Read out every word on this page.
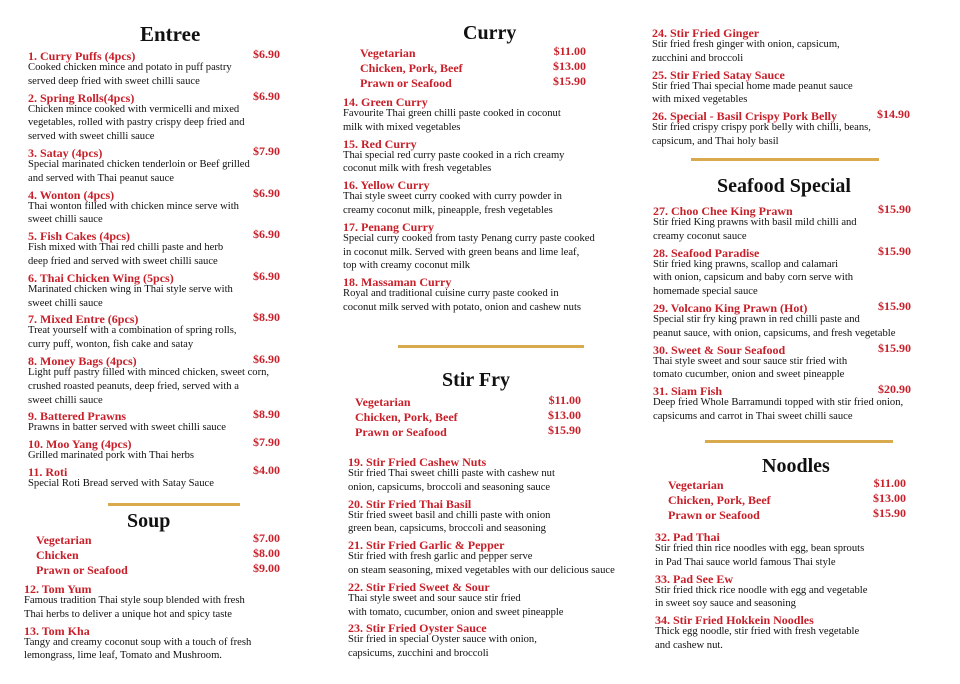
Entree
1. Curry Puffs (4pcs)	$6.90
Cooked chicken mince and potato in puff pastry
served deep fried with sweet chilli sauce
2. Spring Rolls(4pcs)	$6.90
Chicken mince cooked with vermicelli and mixed
vegetables, rolled with pastry crispy deep fried and
served with sweet chilli sauce
3. Satay (4pcs)	$7.90
Special marinated chicken tenderloin or Beef grilled
and served with Thai peanut sauce
4. Wonton (4pcs)	$6.90
Thai wonton filled with chicken mince serve with
sweet chilli sauce
5. Fish Cakes (4pcs)	$6.90
Fish mixed with Thai red chilli paste and herb
deep fried and served with sweet chilli sauce
6. Thai Chicken Wing (5pcs)	$6.90
Marinated chicken wing in Thai style serve with
sweet chilli sauce
7. Mixed Entre (6pcs)	$8.90
Treat yourself with a combination of spring rolls,
curry puff, wonton, fish cake and satay
8. Money Bags (4pcs)	$6.90
Light puff pastry filled with minced chicken, sweet corn,
crushed roasted peanuts, deep fried, served with a
sweet chilli sauce
9. Battered Prawns	$8.90
Prawns in batter served with sweet chilli sauce
10. Moo Yang (4pcs)	$7.90
Grilled marinated pork with Thai herbs
11. Roti	$4.00
Special Roti Bread served with Satay Sauce
Soup
Vegetarian	$7.00
Chicken	$8.00
Prawn or Seafood	$9.00
12. Tom Yum
Famous tradition Thai style soup blended with fresh
Thai herbs to deliver a unique hot and spicy taste
13. Tom Kha
Tangy and creamy coconut soup with a touch of fresh
lemongrass, lime leaf, Tomato and Mushroom.
Curry
Vegetarian	$11.00
Chicken, Pork, Beef	$13.00
Prawn or Seafood	$15.90
14. Green Curry
Favourite Thai green chilli paste cooked in coconut
milk with mixed vegetables
15. Red Curry
Thai special red curry paste cooked in a rich creamy
coconut milk with fresh vegetables
16. Yellow Curry
Thai style sweet curry cooked with curry powder in
creamy coconut milk, pineapple, fresh vegetables
17. Penang Curry
Special curry cooked from tasty Penang curry paste cooked
in coconut milk. Served with green beans and lime leaf,
top with creamy coconut milk
18. Massaman Curry
Royal and traditional cuisine curry paste cooked in
coconut milk served with potato, onion and cashew nuts
Stir Fry
Vegetarian	$11.00
Chicken, Pork, Beef	$13.00
Prawn or Seafood	$15.90
19. Stir Fried Cashew Nuts
Stir fried Thai sweet chilli paste with cashew nut
onion, capsicums, broccoli and seasoning sauce
20. Stir Fried Thai Basil
Stir fried sweet basil and chilli paste with onion
green bean, capsicums, broccoli and seasoning
21. Stir Fried Garlic & Pepper
Stir fried with fresh garlic and pepper serve
on steam seasoning, mixed vegetables with our delicious sauce
22. Stir Fried Sweet & Sour
Thai style sweet and sour sauce stir fried
with tomato, cucumber, onion and sweet pineapple
23. Stir Fried Oyster Sauce
Stir fried in special Oyster sauce with onion,
capsicums, zucchini and broccoli
24. Stir Fried Ginger
Stir fried fresh ginger with onion, capsicum,
zucchini and broccoli
25. Stir Fried Satay Sauce
Stir fried Thai special home made peanut sauce
with mixed vegetables
26. Special - Basil Crispy Pork Belly	$14.90
Stir fried crispy crispy pork belly with chilli, beans,
capsicum, and Thai holy basil
Seafood Special
27. Choo Chee King Prawn	$15.90
Stir fried King prawns with basil mild chilli and
creamy coconut sauce
28. Seafood Paradise	$15.90
Stir fried king prawns, scallop and calamari
with onion, capsicum and baby corn serve with
homemade special sauce
29. Volcano King Prawn (Hot)	$15.90
Special stir fry king prawn in red chilli paste and
peanut sauce, with onion, capsicums, and fresh vegetable
30. Sweet & Sour Seafood	$15.90
Thai style sweet and sour sauce stir fried with
tomato cucumber, onion and sweet pineapple
31. Siam Fish	$20.90
Deep fried Whole Barramundi topped with stir fried onion,
capsicums and carrot in Thai sweet chilli sauce
Noodles
Vegetarian	$11.00
Chicken, Pork, Beef	$13.00
Prawn or Seafood	$15.90
32. Pad Thai
Stir fried thin rice noodles with egg, bean sprouts
in Pad Thai sauce world famous Thai style
33. Pad See Ew
Stir fried thick rice noodle with egg and vegetable
in sweet soy sauce and seasoning
34. Stir Fried Hokkein Noodles
Thick egg noodle, stir fried with fresh vegetable
and cashew nut.
